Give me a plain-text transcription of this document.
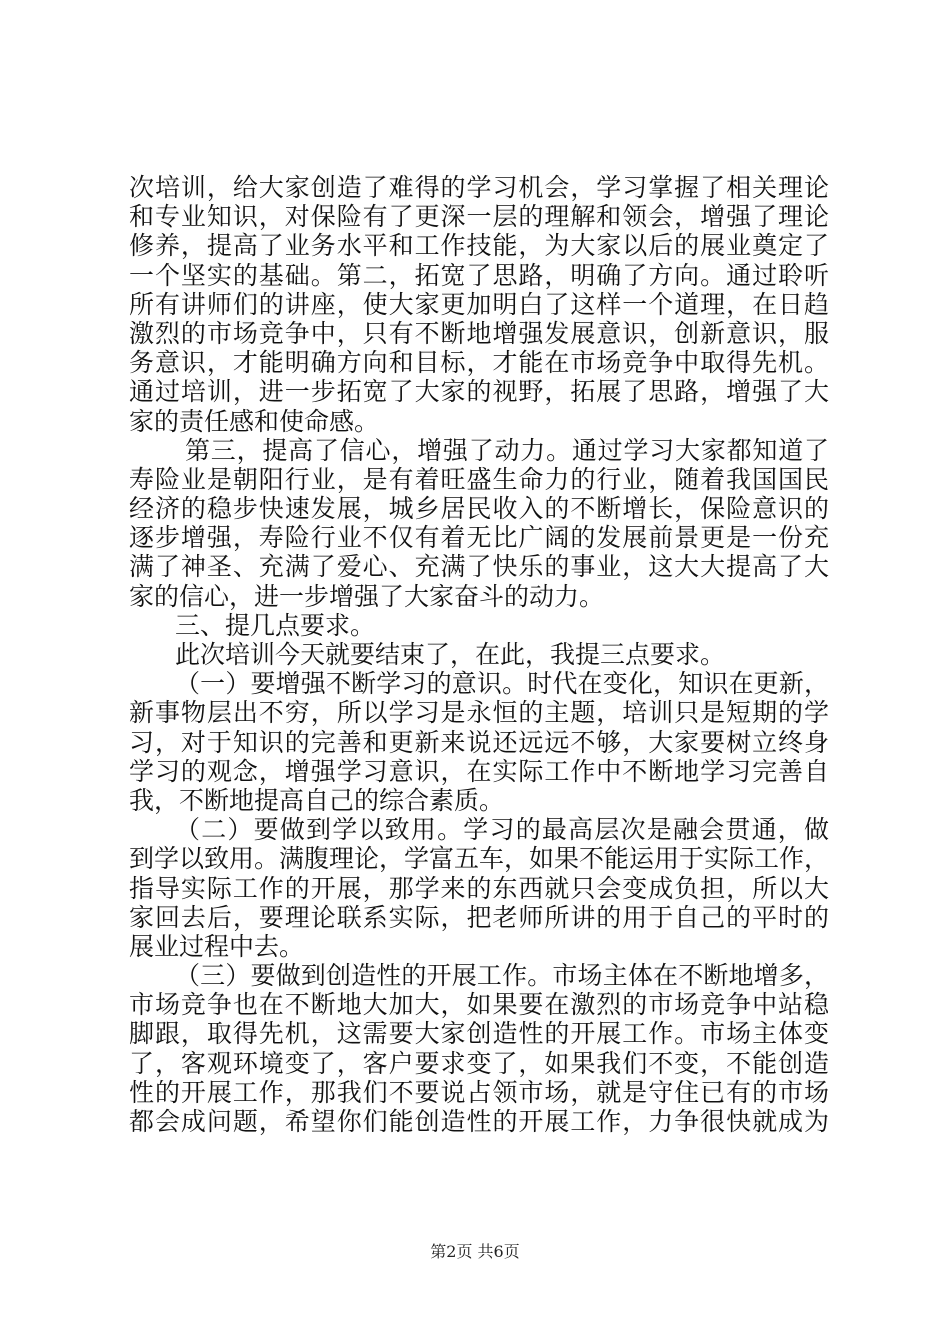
次培训，给大家创造了难得的学习机会，学习掌握了相关理论
和专业知识，对保险有了更深一层的理解和领会，增强了理论
修养，提高了业务水平和工作技能，为大家以后的展业奠定了
一个坚实的基础。第二，拓宽了思路，明确了方向。通过聆听
所有讲师们的讲座，使大家更加明白了这样一个道理，在日趋
激烈的市场竞争中，只有不断地增强发展意识，创新意识，服
务意识，才能明确方向和目标，才能在市场竞争中取得先机。
通过培训，进一步拓宽了大家的视野，拓展了思路，增强了大
家的责任感和使命感。
第三，提高了信心，增强了动力。通过学习大家都知道了
寿险业是朝阳行业，是有着旺盛生命力的行业，随着我国国民
经济的稳步快速发展，城乡居民收入的不断增长，保险意识的
逐步增强，寿险行业不仅有着无比广阔的发展前景更是一份充
满了神圣、充满了爱心、充满了快乐的事业，这大大提高了大
家的信心，进一步增强了大家奋斗的动力。
三、提几点要求。
此次培训今天就要结束了，在此，我提三点要求。
（一）要增强不断学习的意识。时代在变化，知识在更新，
新事物层出不穷，所以学习是永恒的主题，培训只是短期的学
习，对于知识的完善和更新来说还远远不够，大家要树立终身
学习的观念，增强学习意识，在实际工作中不断地学习完善自
我，不断地提高自己的综合素质。
（二）要做到学以致用。学习的最高层次是融会贯通，做
到学以致用。满腹理论，学富五车，如果不能运用于实际工作，
指导实际工作的开展，那学来的东西就只会变成负担，所以大
家回去后，要理论联系实际，把老师所讲的用于自己的平时的
展业过程中去。
（三）要做到创造性的开展工作。市场主体在不断地增多，
市场竞争也在不断地大加大，如果要在激烈的市场竞争中站稳
脚跟，取得先机，这需要大家创造性的开展工作。市场主体变
了，客观环境变了，客户要求变了，如果我们不变，不能创造
性的开展工作，那我们不要说占领市场，就是守住已有的市场
都会成问题，希望你们能创造性的开展工作，力争很快就成为
第2页 共6页
